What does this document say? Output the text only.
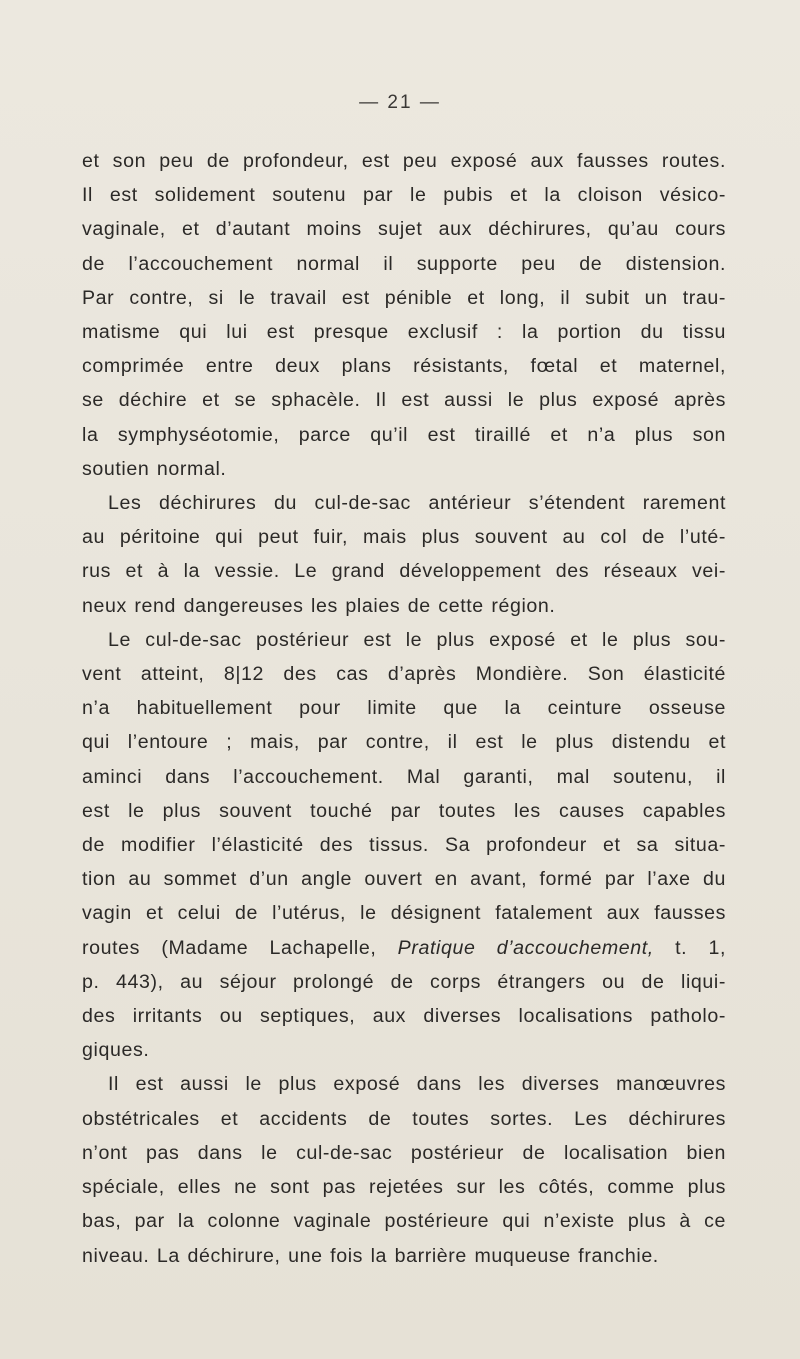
— 21 —
et son peu de profondeur, est peu exposé aux fausses routes.
Il est solidement soutenu par le pubis et la cloison vésico-
vaginale, et d’autant moins sujet aux déchirures, qu’au cours
de l’accouchement normal il supporte peu de distension.
Par contre, si le travail est pénible et long, il subit un trau-
matisme qui lui est presque exclusif : la portion du tissu
comprimée entre deux plans résistants, fœtal et maternel,
se déchire et se sphacèle. Il est aussi le plus exposé après
la symphyséotomie, parce qu’il est tiraillé et n’a plus son
soutien normal.
Les déchirures du cul-de-sac antérieur s’étendent rarement
au péritoine qui peut fuir, mais plus souvent au col de l’uté-
rus et à la vessie. Le grand développement des réseaux vei-
neux rend dangereuses les plaies de cette région.
Le cul-de-sac postérieur est le plus exposé et le plus sou-
vent atteint, 8|12 des cas d’après Mondière. Son élasticité
n’a habituellement pour limite que la ceinture osseuse
qui l’entoure ; mais, par contre, il est le plus distendu et
aminci dans l’accouchement. Mal garanti, mal soutenu, il
est le plus souvent touché par toutes les causes capables
de modifier l’élasticité des tissus. Sa profondeur et sa situa-
tion au sommet d’un angle ouvert en avant, formé par l’axe du
vagin et celui de l’utérus, le désignent fatalement aux fausses
routes (Madame Lachapelle, Pratique d’accouchement, t. 1,
p. 443), au séjour prolongé de corps étrangers ou de liqui-
des irritants ou septiques, aux diverses localisations patholo-
giques.
Il est aussi le plus exposé dans les diverses manœuvres
obstétricales et accidents de toutes sortes. Les déchirures
n’ont pas dans le cul-de-sac postérieur de localisation bien
spéciale, elles ne sont pas rejetées sur les côtés, comme plus
bas, par la colonne vaginale postérieure qui n’existe plus à ce
niveau. La déchirure, une fois la barrière muqueuse franchie.
